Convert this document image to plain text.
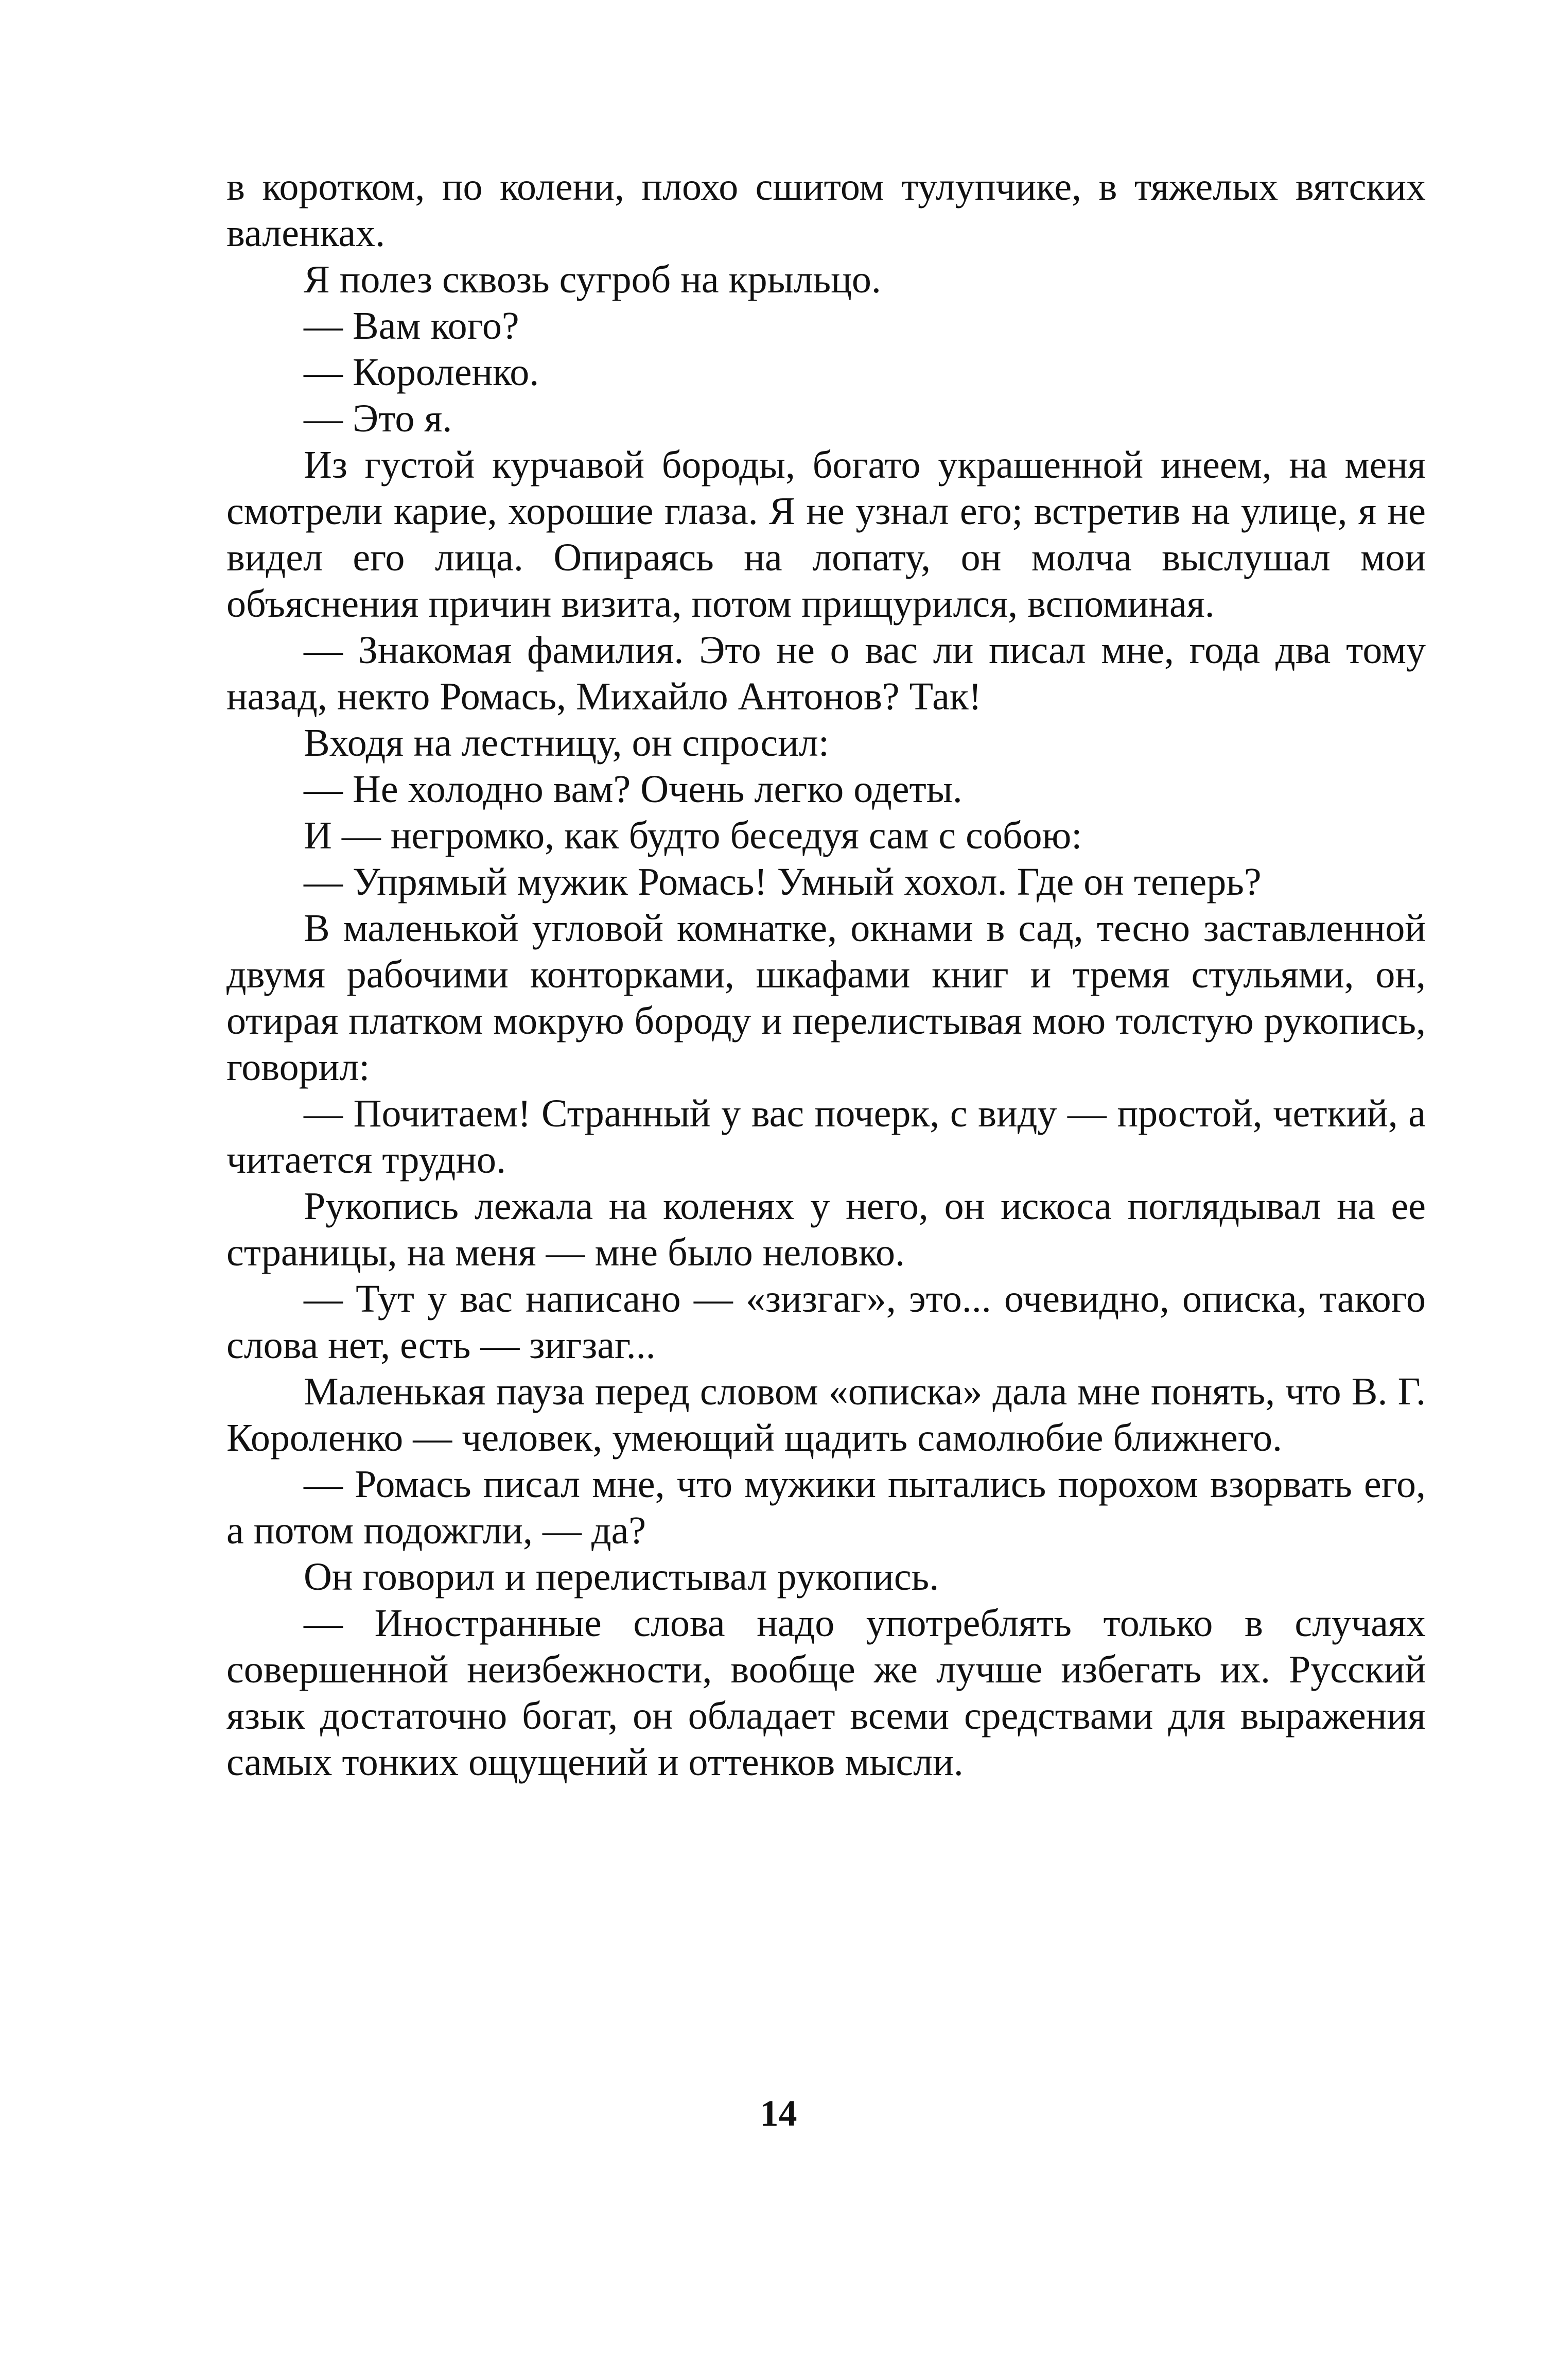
в коротком, по колени, плохо сшитом тулупчике, в тяжелых вятских валенках.

Я полез сквозь сугроб на крыльцо.

— Вам кого?

— Короленко.

— Это я.

Из густой курчавой бороды, богато украшенной инеем, на меня смотрели карие, хорошие глаза. Я не узнал его; встретив на улице, я не видел его лица. Опираясь на лопату, он молча выслушал мои объяснения причин визита, потом прищурился, вспоминая.

— Знакомая фамилия. Это не о вас ли писал мне, года два тому назад, некто Ромась, Михайло Антонов? Так!

Входя на лестницу, он спросил:

— Не холодно вам? Очень легко одеты.

И — негромко, как будто беседуя сам с собою:

— Упрямый мужик Ромась! Умный хохол. Где он теперь?

В маленькой угловой комнатке, окнами в сад, тесно заставленной двумя рабочими конторками, шкафами книг и тремя стульями, он, отирая платком мокрую бороду и перелистывая мою толстую рукопись, говорил:

— Почитаем! Странный у вас почерк, с виду — простой, четкий, а читается трудно.

Рукопись лежала на коленях у него, он искоса поглядывал на ее страницы, на меня — мне было неловко.

— Тут у вас написано — «зизгаг», это... очевидно, описка, такого слова нет, есть — зигзаг...

Маленькая пауза перед словом «описка» дала мне понять, что В. Г. Короленко — человек, умеющий щадить самолюбие ближнего.

— Ромась писал мне, что мужики пытались порохом взорвать его, а потом подожгли, — да?

Он говорил и перелистывал рукопись.

— Иностранные слова надо употреблять только в случаях совершенной неизбежности, вообще же лучше избегать их. Русский язык достаточно богат, он обладает всеми средствами для выражения самых тонких ощущений и оттенков мысли.

14
